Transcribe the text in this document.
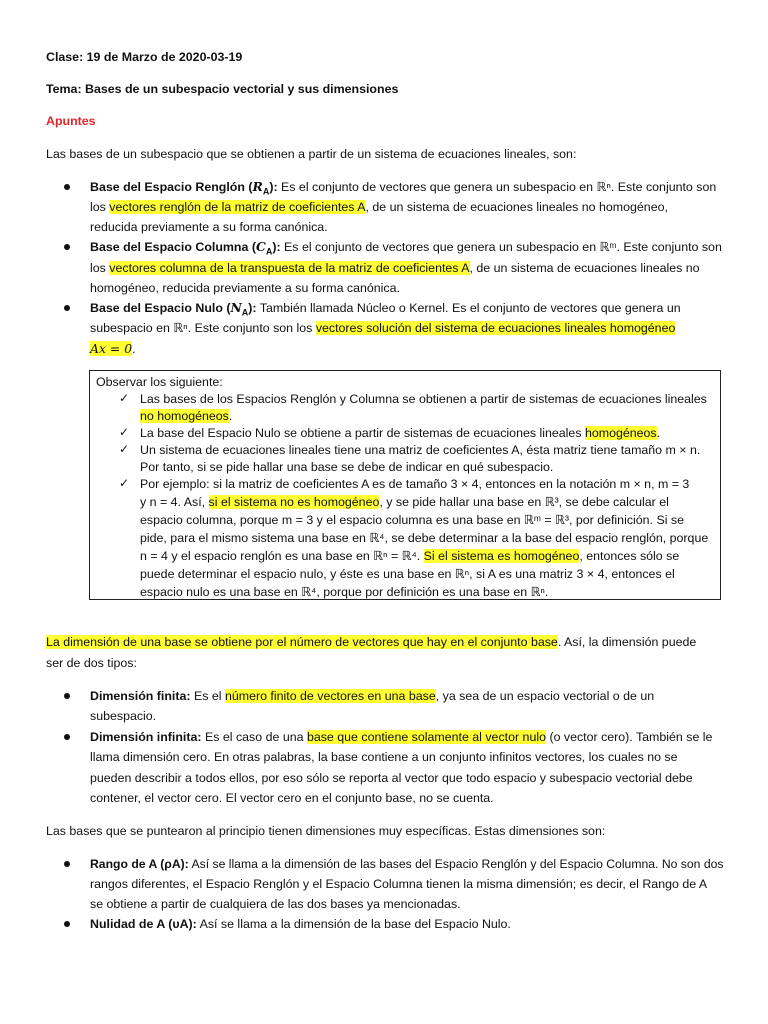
Clase: 19 de Marzo de 2020-03-19
Tema: Bases de un subespacio vectorial y sus dimensiones
Apuntes
Las bases de un subespacio que se obtienen a partir de un sistema de ecuaciones lineales, son:
Base del Espacio Renglón $(R_A)$: Es el conjunto de vectores que genera un subespacio en ℝⁿ. Este conjunto son
los vectores renglón de la matriz de coeficientes A, de un sistema de ecuaciones lineales no homogéneo,
reducida previamente a su forma canónica.
Base del Espacio Columna $(C_A)$: Es el conjunto de vectores que genera un subespacio en ℝᵐ. Este conjunto son
los vectores columna de la transpuesta de la matriz de coeficientes A, de un sistema de ecuaciones lineales no
homogéneo, reducida previamente a su forma canónica.
Base del Espacio Nulo $(N_A)$: También llamada Núcleo o Kernel. Es el conjunto de vectores que genera un
subespacio en ℝⁿ. Este conjunto son los vectores solución del sistema de ecuaciones lineales homogéneo
Ax = 0.
Observar los siguiente:
✓ Las bases de los Espacios Renglón y Columna se obtienen a partir de sistemas de ecuaciones lineales
no homogéneos.
✓ La base del Espacio Nulo se obtiene a partir de sistemas de ecuaciones lineales homogéneos.
✓ Un sistema de ecuaciones lineales tiene una matriz de coeficientes A, ésta matriz tiene tamaño m × n.
Por tanto, si se pide hallar una base se debe de indicar en qué subespacio.
✓ Por ejemplo: si la matriz de coeficientes A es de tamaño 3 × 4, entonces en la notación m × n, m = 3
y n = 4. Así, si el sistema no es homogéneo, y se pide hallar una base en ℝ³, se debe calcular el
espacio columna, porque m = 3 y el espacio columna es una base en ℝᵐ = ℝ³, por definición. Si se
pide, para el mismo sistema una base en ℝ⁴, se debe determinar a la base del espacio renglón, porque
n = 4 y el espacio renglón es una base en ℝⁿ = ℝ⁴. Si el sistema es homogéneo, entonces sólo se
puede determinar el espacio nulo, y éste es una base en ℝⁿ, si A es una matriz 3 × 4, entonces el
espacio nulo es una base en ℝ⁴, porque por definición es una base en ℝⁿ.
La dimensión de una base se obtiene por el número de vectores que hay en el conjunto base. Así, la dimensión puede
ser de dos tipos:
Dimensión finita: Es el número finito de vectores en una base, ya sea de un espacio vectorial o de un
subespacio.
Dimensión infinita: Es el caso de una base que contiene solamente al vector nulo (o vector cero). También se le
llama dimensión cero. En otras palabras, la base contiene a un conjunto infinitos vectores, los cuales no se
pueden describir a todos ellos, por eso sólo se reporta al vector que todo espacio y subespacio vectorial debe
contener, el vector cero. El vector cero en el conjunto base, no se cuenta.
Las bases que se puntearon al principio tienen dimensiones muy específicas. Estas dimensiones son:
Rango de A (ρA): Así se llama a la dimensión de las bases del Espacio Renglón y del Espacio Columna. No son dos
rangos diferentes, el Espacio Renglón y el Espacio Columna tienen la misma dimensión; es decir, el Rango de A
se obtiene a partir de cualquiera de las dos bases ya mencionadas.
Nulidad de A (υA): Así se llama a la dimensión de la base del Espacio Nulo.
